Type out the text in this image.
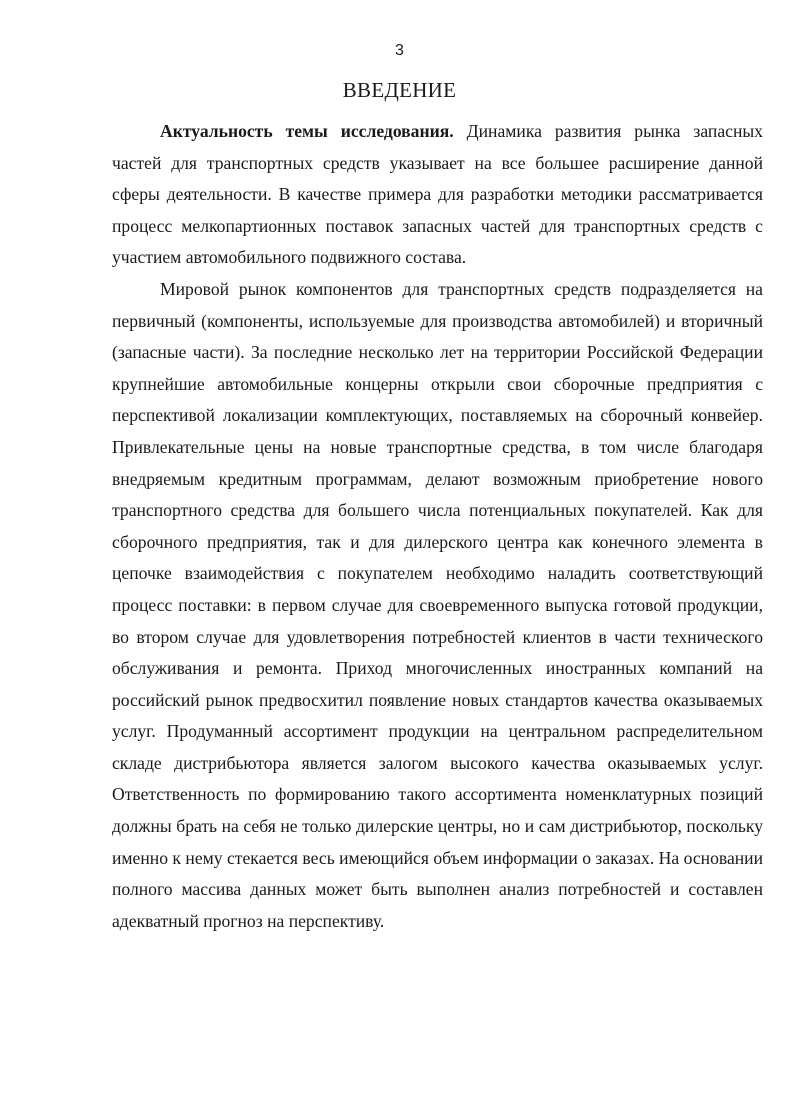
3
ВВЕДЕНИЕ

Актуальность темы исследования. Динамика развития рынка запасных частей для транспортных средств указывает на все большее расширение данной сферы деятельности. В качестве примера для разработки методики рассматривается процесс мелкопартионных поставок запасных частей для транспортных средств с участием автомобильного подвижного состава.

Мировой рынок компонентов для транспортных средств подразделяется на первичный (компоненты, используемые для производства автомобилей) и вторичный (запасные части). За последние несколько лет на территории Российской Федерации крупнейшие автомобильные концерны открыли свои сборочные предприятия с перспективой локализации комплектующих, поставляемых на сборочный конвейер. Привлекательные цены на новые транспортные средства, в том числе благодаря внедряемым кредитным программам, делают возможным приобретение нового транспортного средства для большего числа потенциальных покупателей. Как для сборочного предприятия, так и для дилерского центра как конечного элемента в цепочке взаимодействия с покупателем необходимо наладить соответствующий процесс поставки: в первом случае для своевременного выпуска готовой продукции, во втором случае для удовлетворения потребностей клиентов в части технического обслуживания и ремонта. Приход многочисленных иностранных компаний на российский рынок предвосхитил появление новых стандартов качества оказываемых услуг. Продуманный ассортимент продукции на центральном распределительном складе дистрибьютора является залогом высокого качества оказываемых услуг. Ответственность по формированию такого ассортимента номенклатурных позиций должны брать на себя не только дилерские центры, но и сам дистрибьютор, поскольку именно к нему стекается весь имеющийся объем информации о заказах. На основании полного массива данных может быть выполнен анализ потребностей и составлен адекватный прогноз на перспективу.
